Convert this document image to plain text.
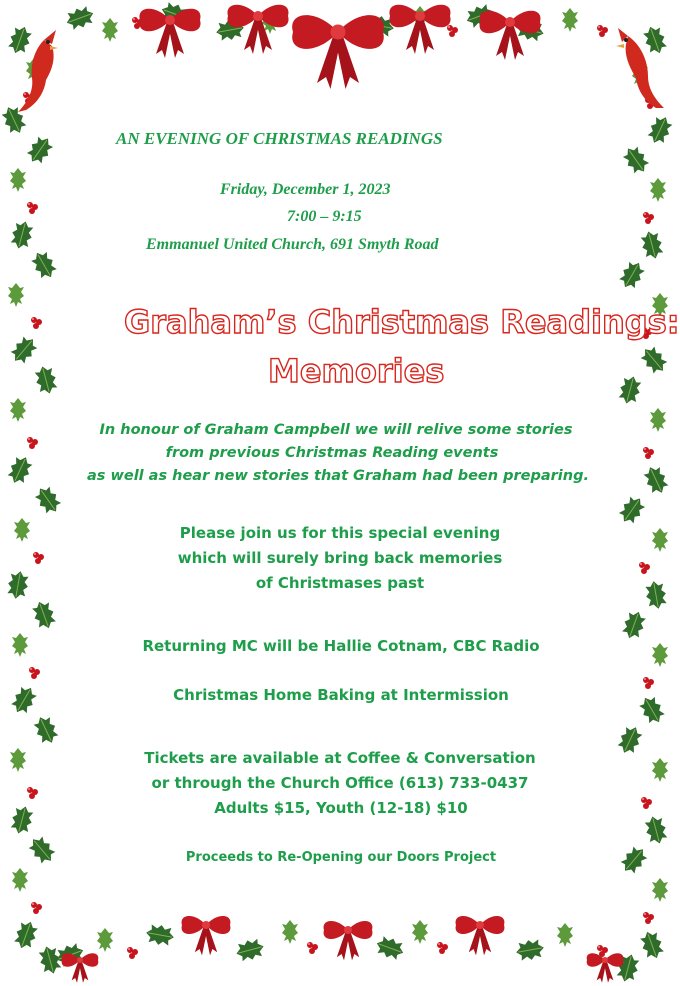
AN EVENING OF CHRISTMAS READINGS
Friday, December 1, 2023
7:00 – 9:15
Emmanuel United Church, 691 Smyth Road
Graham’s Christmas Readings:
Memories
In honour of Graham Campbell we will relive some stories
from previous Christmas Reading events
as well as hear new stories that Graham had been preparing.
Please join us for this special evening
which will surely bring back memories
of Christmases past
Returning MC will be Hallie Cotnam, CBC Radio
Christmas Home Baking at Intermission
Tickets are available at Coffee & Conversation
or through the Church Office (613) 733-0437
Adults $15, Youth (12-18) $10
Proceeds to Re-Opening our Doors Project
